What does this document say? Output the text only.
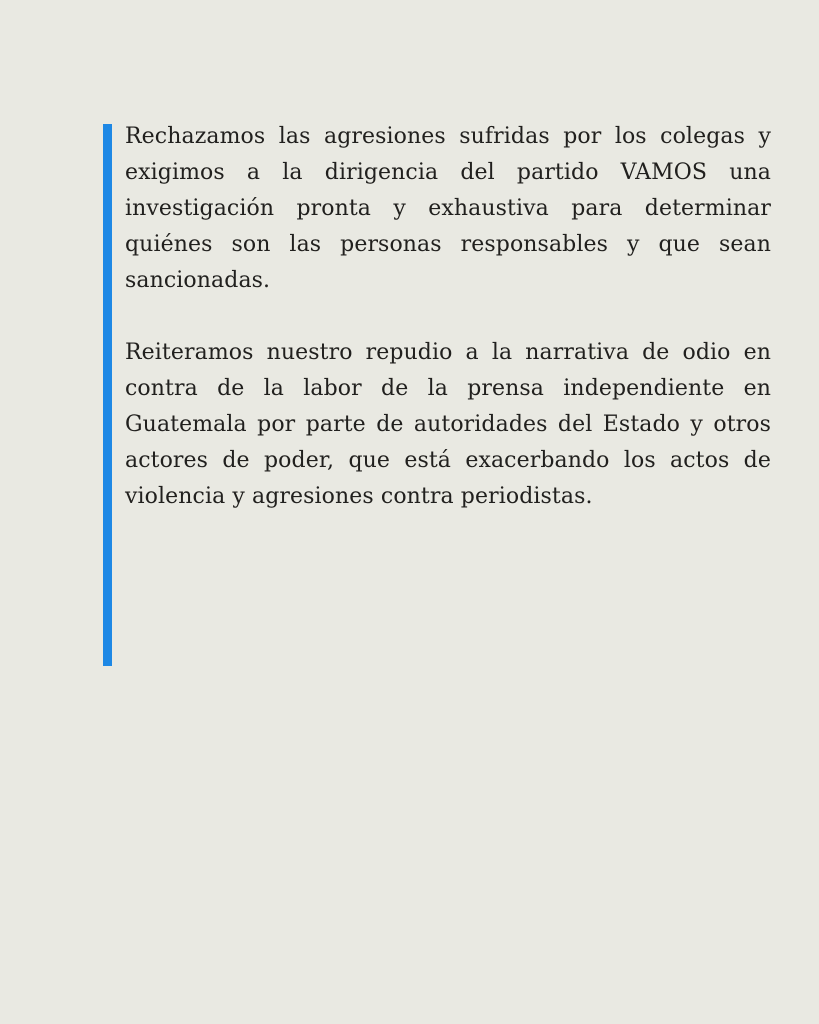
Rechazamos las agresiones sufridas por los colegas y exigimos a la dirigencia del partido VAMOS una investigación pronta y exhaustiva para determinar quiénes son las personas responsables y que sean sancionadas.

Reiteramos nuestro repudio a la narrativa de odio en contra de la labor de la prensa independiente en Guatemala por parte de autoridades del Estado y otros actores de poder, que está exacerbando los actos de violencia y agresiones contra periodistas.
